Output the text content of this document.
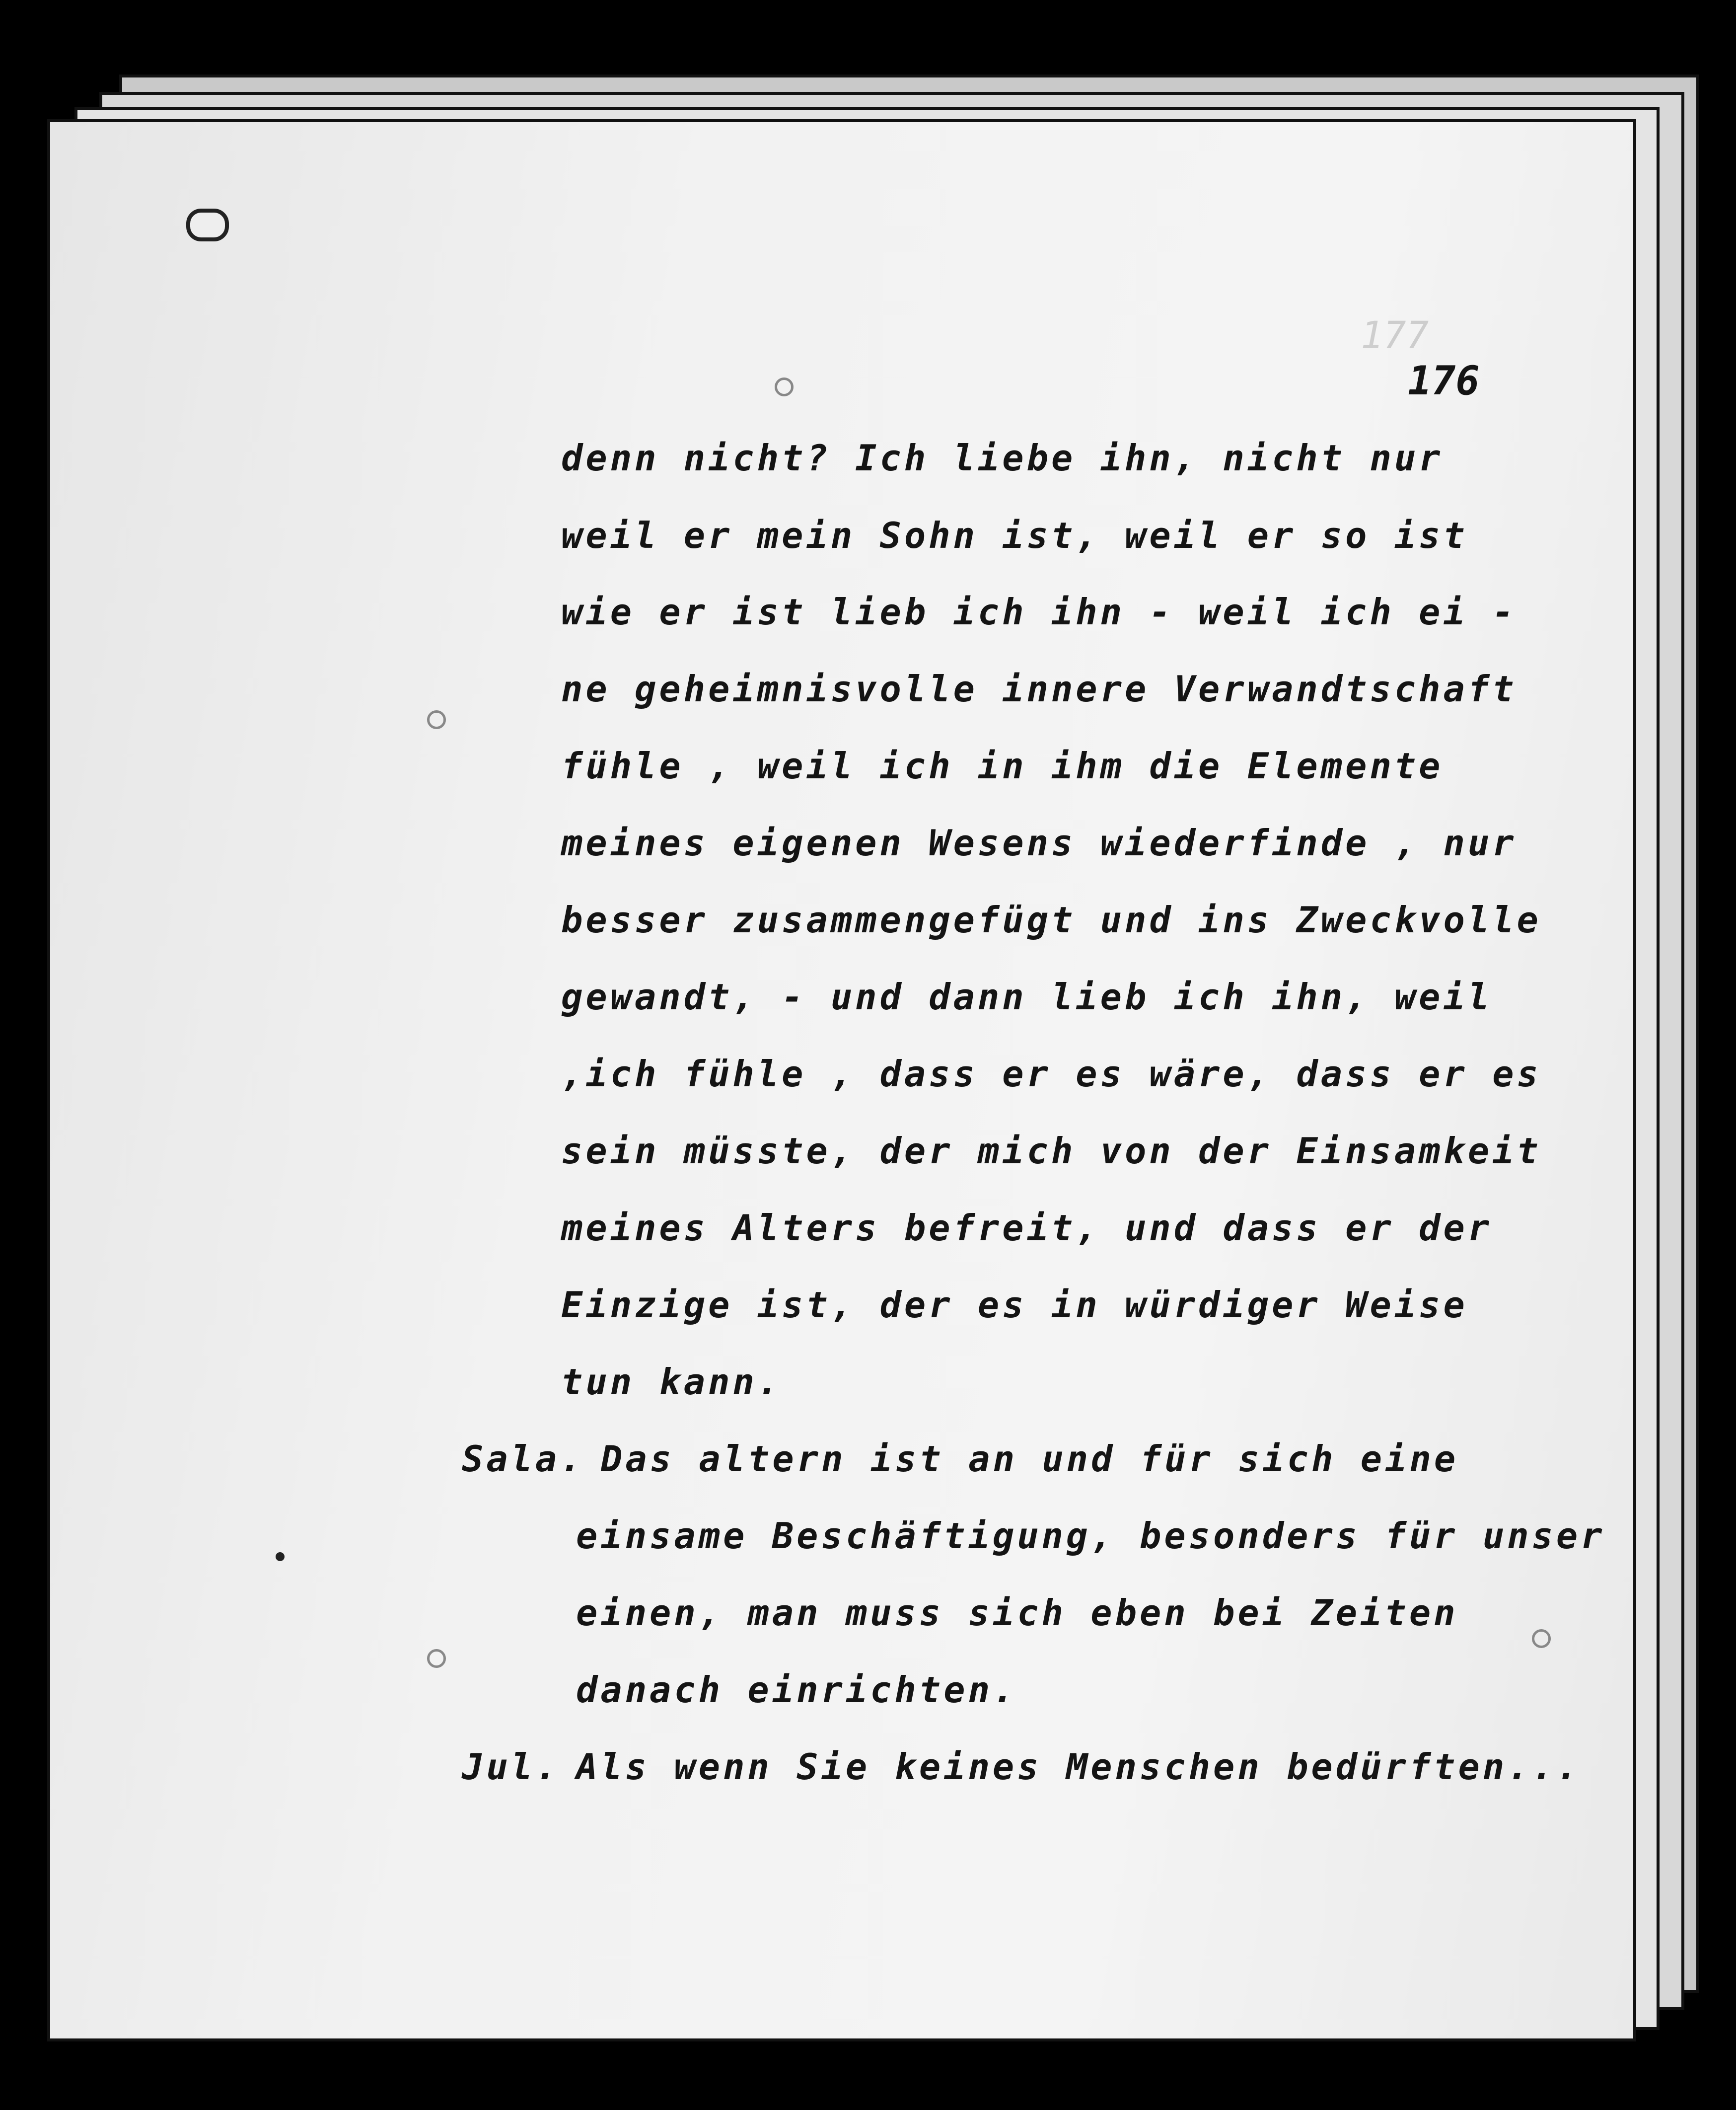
177
176
denn nicht? Ich liebe ihn, nicht nur
weil er mein Sohn ist, weil er so ist
wie er ist lieb ich ihn - weil ich ei -
ne geheimnisvolle innere Verwandtschaft
fühle , weil ich in ihm die Elemente
meines eigenen Wesens wiederfinde , nur
besser zusammengefügt und ins Zweckvolle
gewandt, - und dann lieb ich ihn, weil
,ich fühle , dass er es wäre, dass er es
sein müsste, der mich von der Einsamkeit
meines Alters befreit, und dass er der
Einzige ist, der es in würdiger Weise
tun kann.
Sala. Das altern ist an und für sich eine
einsame Beschäftigung, besonders für unser
einen, man muss sich eben bei Zeiten
danach einrichten.
Jul. Als wenn Sie keines Menschen bedürften...
